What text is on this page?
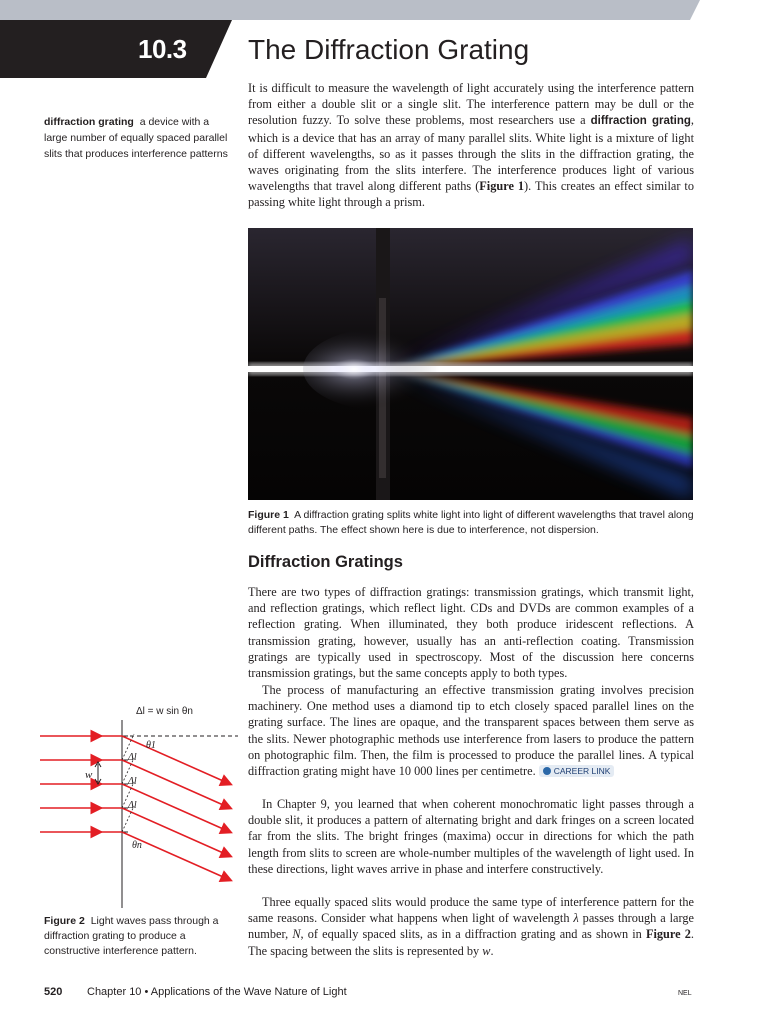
10.3	The Diffraction Grating

diffraction grating a device with a large number of equally spaced parallel slits that produces interference patterns

It is difficult to measure the wavelength of light accurately using the interference pattern from either a double slit or a single slit. The interference pattern may be dull or the resolution fuzzy. To solve these problems, most researchers use a diffraction grating, which is a device that has an array of many parallel slits. White light is a mixture of light of different wavelengths, so as it passes through the slits in the diffraction grating, the waves originating from the slits interfere. The interference produces light of various wavelengths that travel along different paths (Figure 1). This creates an effect similar to passing white light through a prism.

Figure 1 A diffraction grating splits white light into light of different wavelengths that travel along different paths. The effect shown here is due to interference, not dispersion.

Diffraction Gratings

There are two types of diffraction gratings: transmission gratings, which transmit light, and reflection gratings, which reflect light. CDs and DVDs are common examples of a reflection grating. When illuminated, they both produce iridescent reflections. A transmission grating, however, usually has an anti-reflection coating. Transmission gratings are typically used in spectroscopy. Most of the discussion here concerns transmission gratings, but the same concepts apply to both types.

The process of manufacturing an effective transmission grating involves precision machinery. One method uses a diamond tip to etch closely spaced parallel lines on the grating surface. The lines are opaque, and the transparent spaces between them serve as the slits. Newer photographic methods use interference from lasers to produce the pattern on photographic film. Then, the film is processed to produce the parallel lines. A typical diffraction grating might have 10 000 lines per centimetre. CAREER LINK

In Chapter 9, you learned that when coherent monochromatic light passes through a double slit, it produces a pattern of alternating bright and dark fringes on a screen located far from the slits. The bright fringes (maxima) occur in directions for which the path length from slits to screen are whole-number multiples of the wavelength of light used. In these directions, light waves arrive in phase and interfere constructively.

Three equally spaced slits would produce the same type of interference pattern for the same reasons. Consider what happens when light of wavelength λ passes through a large number, N, of equally spaced slits, as in a diffraction grating and as shown in Figure 2. The spacing between the slits is represented by w.

Δl = w sin θn
w
θ1
Δl
Δl
Δl
θn

Figure 2 Light waves pass through a diffraction grating to produce a constructive interference pattern.

520 Chapter 10 • Applications of the Wave Nature of Light	NEL
